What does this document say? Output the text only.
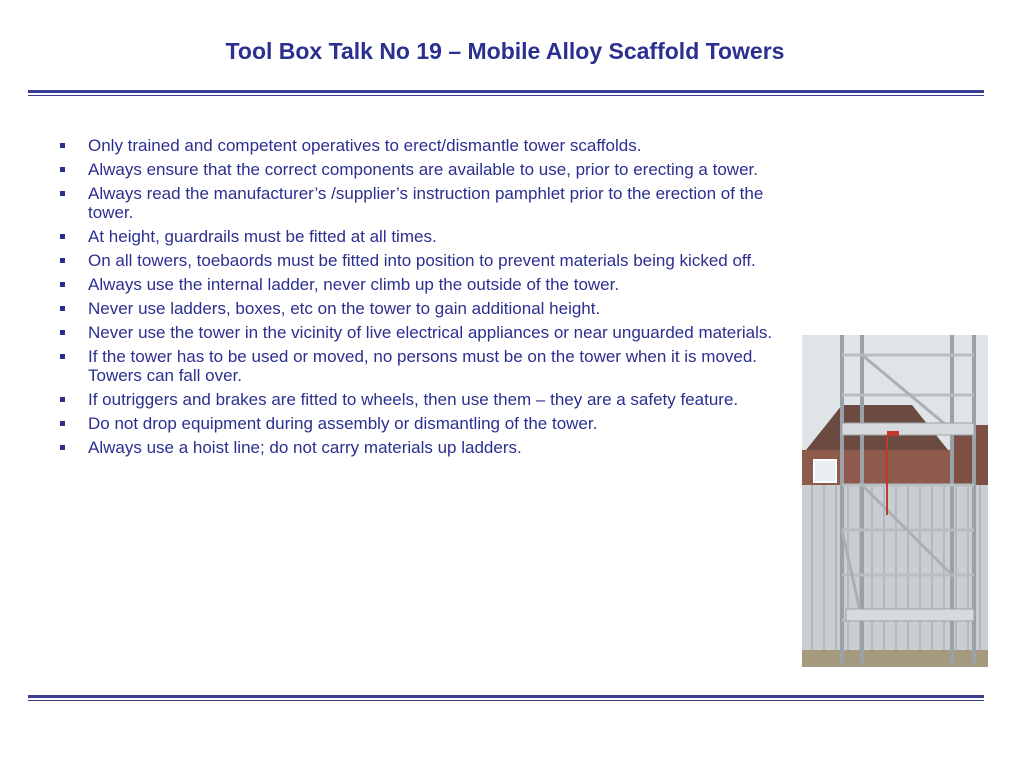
Tool Box Talk No 19 – Mobile Alloy Scaffold Towers
Only trained and competent operatives to erect/dismantle tower scaffolds.
Always ensure that the correct components are available to use, prior to erecting a tower.
Always read the manufacturer’s /supplier’s instruction pamphlet prior to the erection of the tower.
At height, guardrails must be fitted at all times.
On all towers, toebaords must be fitted into position to prevent materials being kicked off.
Always use the internal ladder, never climb up the outside of the tower.
Never use ladders, boxes, etc on the tower to gain additional height.
Never use the tower in the vicinity of live electrical appliances or near unguarded materials.
If the tower has to be used or moved, no persons must be on the tower when it is moved. Towers can fall over.
If outriggers and brakes are fitted to wheels, then use them – they are a safety feature.
Do not drop equipment during assembly or dismantling of the tower.
Always use a hoist line; do not carry materials up ladders.
